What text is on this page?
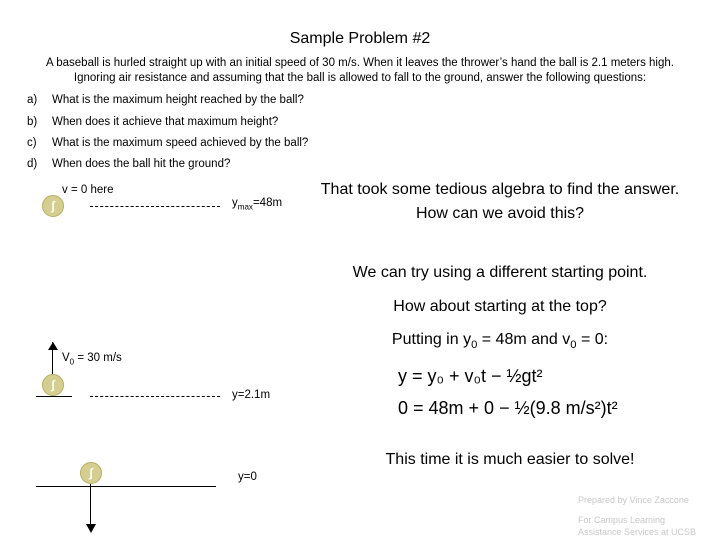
Sample Problem #2
A baseball is hurled straight up with an initial speed of 30 m/s. When it leaves the thrower’s hand the ball is 2.1 meters high.
Ignoring air resistance and assuming that the ball is allowed to fall to the ground, answer the following questions:
a) What is the maximum height reached by the ball?
b) When does it achieve that maximum height?
c) What is the maximum speed achieved by the ball?
d) When does the ball hit the ground?
v = 0 here
ʃ	$y_{max}=48m$
$V_0 = 30$ m/s
ʃ
y=2.1m
ʃ	y=0
That took some tedious algebra to find the answer.
How can we avoid this?
We can try using a different starting point.
How about starting at the top?
Putting in $y_0 = 48m$ and $v_0 = 0$:
y = y₀ + v₀t − ½gt²
0 = 48m + 0 − ½(9.8 m/s²)t²
This time it is much easier to solve!
Prepared by Vince Zaccone
For Campus Learning
Assistance Services at UCSB
